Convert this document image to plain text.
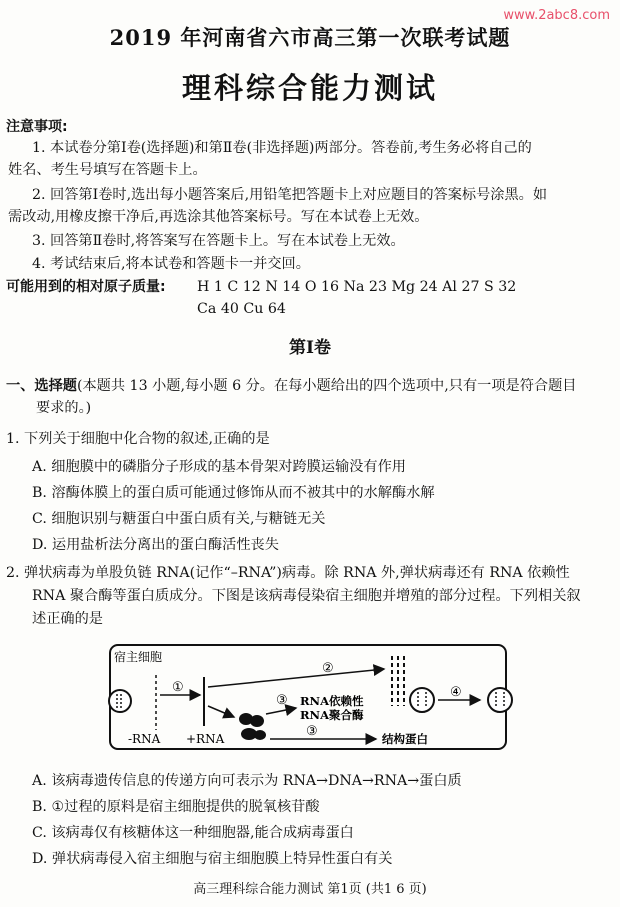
www.2abc8.com
2019 年河南省六市高三第一次联考试题
理科综合能力测试
注意事项:
1. 本试卷分第Ⅰ卷(选择题)和第Ⅱ卷(非选择题)两部分。答卷前,考生务必将自己的
姓名、考生号填写在答题卡上。
2. 回答第Ⅰ卷时,选出每小题答案后,用铅笔把答题卡上对应题目的答案标号涂黑。如
需改动,用橡皮擦干净后,再选涂其他答案标号。写在本试卷上无效。
3. 回答第Ⅱ卷时,将答案写在答题卡上。写在本试卷上无效。
4. 考试结束后,将本试卷和答题卡一并交回。
可能用到的相对原子质量: H 1 C 12 N 14 O 16 Na 23 Mg 24 Al 27 S 32
Ca 40 Cu 64
第Ⅰ卷
一、选择题(本题共 13 小题,每小题 6 分。在每小题给出的四个选项中,只有一项是符合题目
要求的。)
1. 下列关于细胞中化合物的叙述,正确的是
A. 细胞膜中的磷脂分子形成的基本骨架对跨膜运输没有作用
B. 溶酶体膜上的蛋白质可能通过修饰从而不被其中的水解酶水解
C. 细胞识别与糖蛋白中蛋白质有关,与糖链无关
D. 运用盐析法分离出的蛋白酶活性丧失
2. 弹状病毒为单股负链 RNA(记作“–RNA”)病毒。除 RNA 外,弹状病毒还有 RNA 依赖性
RNA 聚合酶等蛋白质成分。下图是该病毒侵染宿主细胞并增殖的部分过程。下列相关叙
述正确的是
宿主细胞
①
-RNA +RNA
②
③ RNA依赖性
RNA聚合酶
③	结构蛋白
④
A. 该病毒遗传信息的传递方向可表示为 RNA→DNA→RNA→蛋白质
B. ①过程的原料是宿主细胞提供的脱氧核苷酸
C. 该病毒仅有核糖体这一种细胞器,能合成病毒蛋白
D. 弹状病毒侵入宿主细胞与宿主细胞膜上特异性蛋白有关
高三理科综合能力测试 第1页 (共1 6 页)
